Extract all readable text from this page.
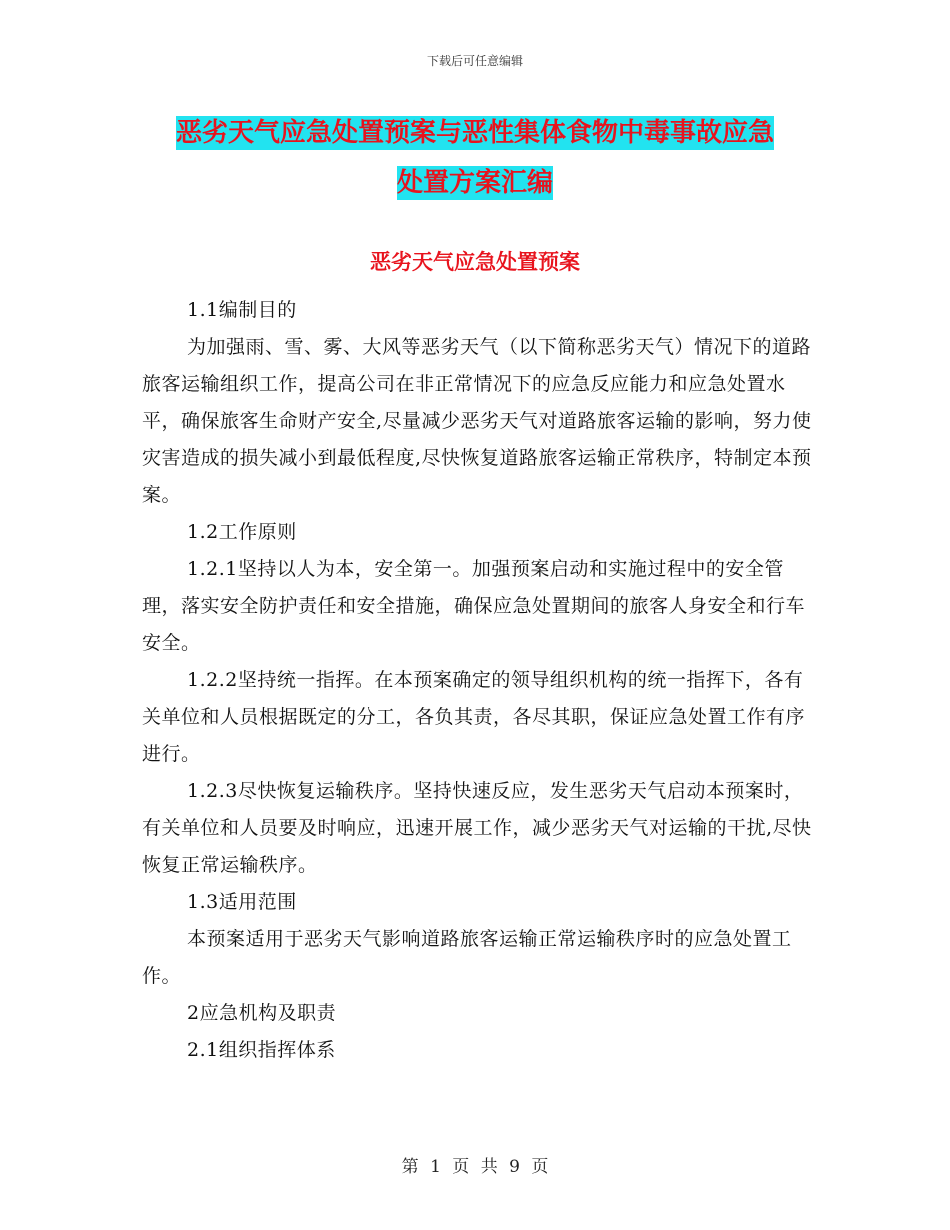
下载后可任意编辑
恶劣天气应急处置预案与恶性集体食物中毒事故应急
处置方案汇编
恶劣天气应急处置预案

1.1编制目的

为加强雨、雪、雾、大风等恶劣天气（以下简称恶劣天气）情况下的道路旅客运输组织工作，提高公司在非正常情况下的应急反应能力和应急处置水平，确保旅客生命财产安全,尽量减少恶劣天气对道路旅客运输的影响，努力使灾害造成的损失减小到最低程度,尽快恢复道路旅客运输正常秩序，特制定本预案。

1.2工作原则

1.2.1坚持以人为本，安全第一。加强预案启动和实施过程中的安全管理，落实安全防护责任和安全措施，确保应急处置期间的旅客人身安全和行车安全。

1.2.2坚持统一指挥。在本预案确定的领导组织机构的统一指挥下，各有关单位和人员根据既定的分工，各负其责，各尽其职，保证应急处置工作有序进行。

1.2.3尽快恢复运输秩序。坚持快速反应，发生恶劣天气启动本预案时，有关单位和人员要及时响应，迅速开展工作，减少恶劣天气对运输的干扰,尽快恢复正常运输秩序。

1.3适用范围

本预案适用于恶劣天气影响道路旅客运输正常运输秩序时的应急处置工作。

2应急机构及职责

2.1组织指挥体系

第 1 页 共 9 页
